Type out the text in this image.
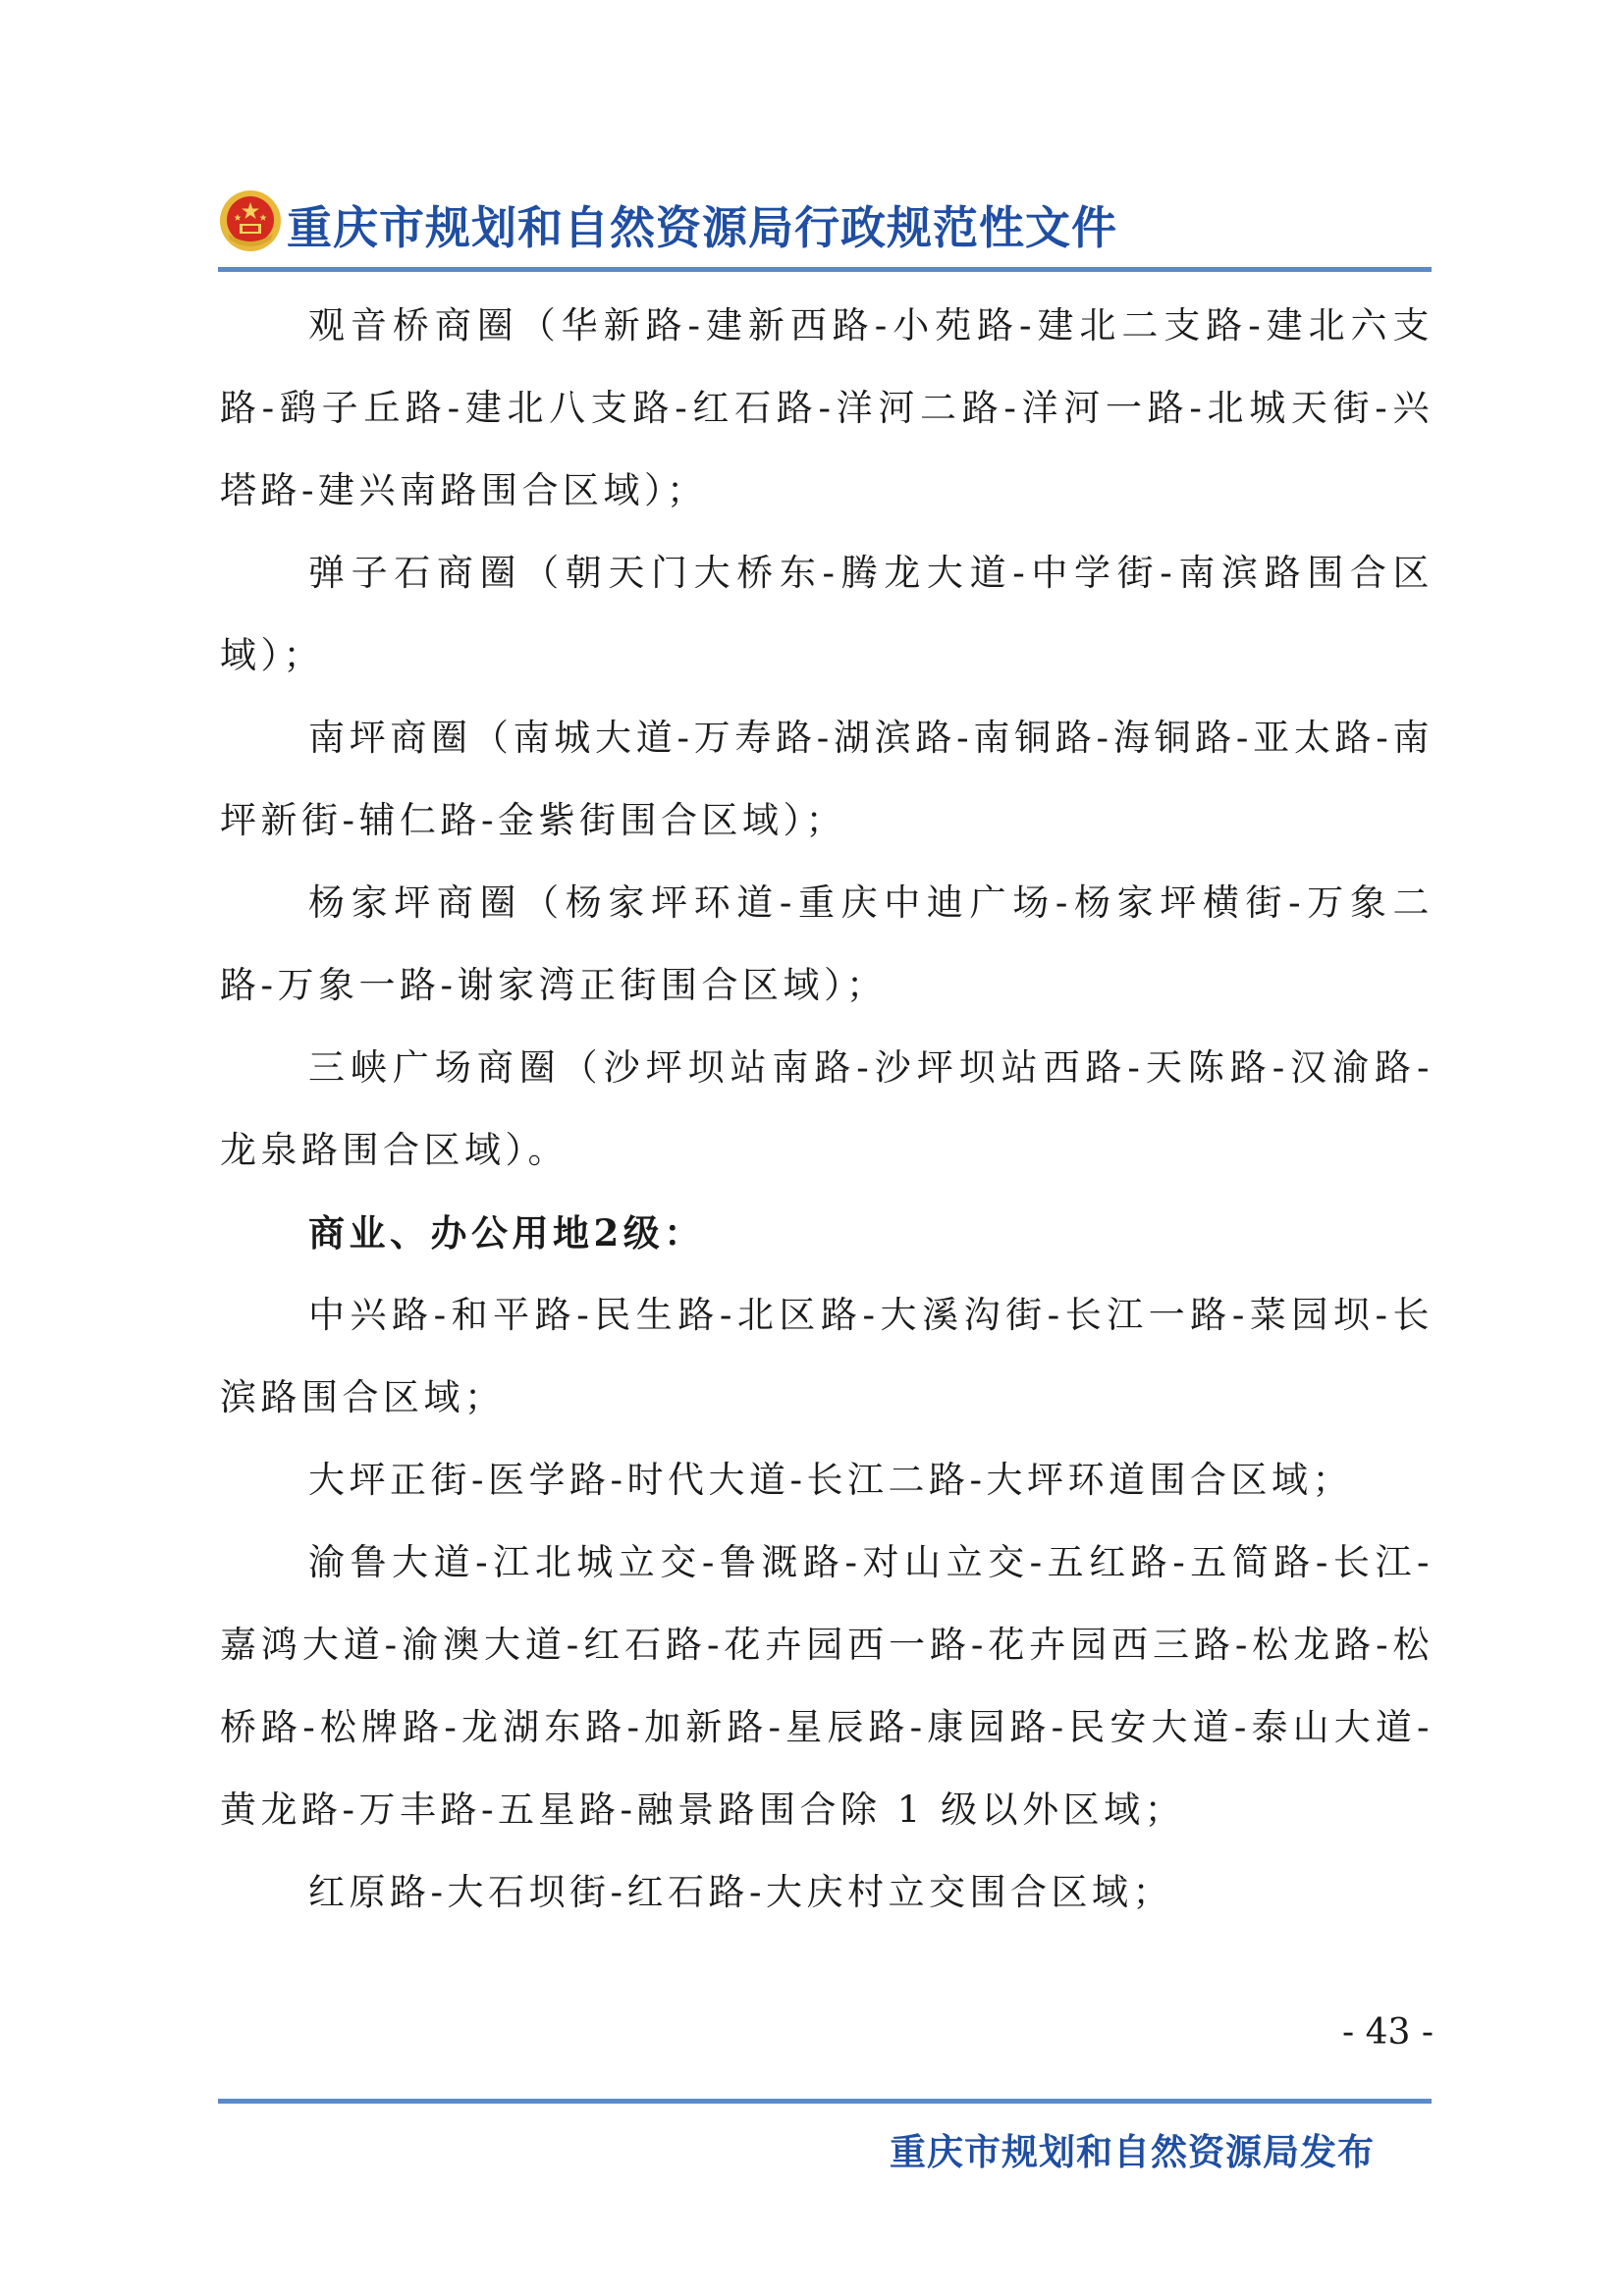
重庆市规划和自然资源局行政规范性文件

观音桥商圈（华新路-建新西路-小苑路-建北二支路-建北六支路-鹞子丘路-建北八支路-红石路-洋河二路-洋河一路-北城天街-兴塔路-建兴南路围合区域）；

弹子石商圈（朝天门大桥东-腾龙大道-中学街-南滨路围合区域）；

南坪商圈（南城大道-万寿路-湖滨路-南铜路-海铜路-亚太路-南坪新街-辅仁路-金紫街围合区域）；

杨家坪商圈（杨家坪环道-重庆中迪广场-杨家坪横街-万象二路-万象一路-谢家湾正街围合区域）；

三峡广场商圈（沙坪坝站南路-沙坪坝站西路-天陈路-汉渝路-龙泉路围合区域）。

商业、办公用地2级：

中兴路-和平路-民生路-北区路-大溪沟街-长江一路-菜园坝-长滨路围合区域；

大坪正街-医学路-时代大道-长江二路-大坪环道围合区域；

渝鲁大道-江北城立交-鲁溉路-对山立交-五红路-五简路-长江-嘉鸿大道-渝澳大道-红石路-花卉园西一路-花卉园西三路-松龙路-松桥路-松牌路-龙湖东路-加新路-星辰路-康园路-民安大道-泰山大道-黄龙路-万丰路-五星路-融景路围合除 1 级以外区域；

红原路-大石坝街-红石路-大庆村立交围合区域；

- 43 -
重庆市规划和自然资源局发布
